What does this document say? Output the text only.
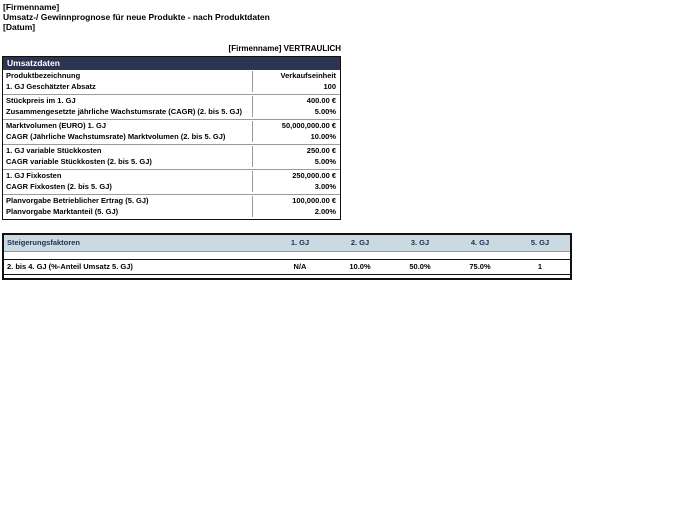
[Firmenname]
Umsatz-/ Gewinnprognose für neue Produkte - nach Produktdaten
[Datum]
[Firmenname] VERTRAULICH
Umsatzdaten
Produktbezeichnung	Verkaufseinheit
1. GJ Geschätzter Absatz	100
Stückpreis im 1. GJ	400.00 €
Zusammengesetzte jährliche Wachstumsrate (CAGR) (2. bis 5. GJ)	5.00%
Marktvolumen (EURO) 1. GJ	50,000,000.00 €
CAGR (Jährliche Wachstumsrate) Marktvolumen (2. bis 5. GJ)	10.00%
1. GJ variable Stückkosten	250.00 €
CAGR variable Stückkosten (2. bis 5. GJ)	5.00%
1. GJ Fixkosten	250,000.00 €
CAGR Fixkosten (2. bis 5. GJ)	3.00%
Planvorgabe Betrieblicher Ertrag (5. GJ)	100,000.00 €
Planvorgabe Marktanteil (5. GJ)	2.00%
Steigerungsfaktoren	1. GJ	2. GJ	3. GJ	4. GJ	5. GJ
2. bis 4. GJ (%-Anteil Umsatz 5. GJ)	N/A	10.0%	50.0%	75.0%	1
